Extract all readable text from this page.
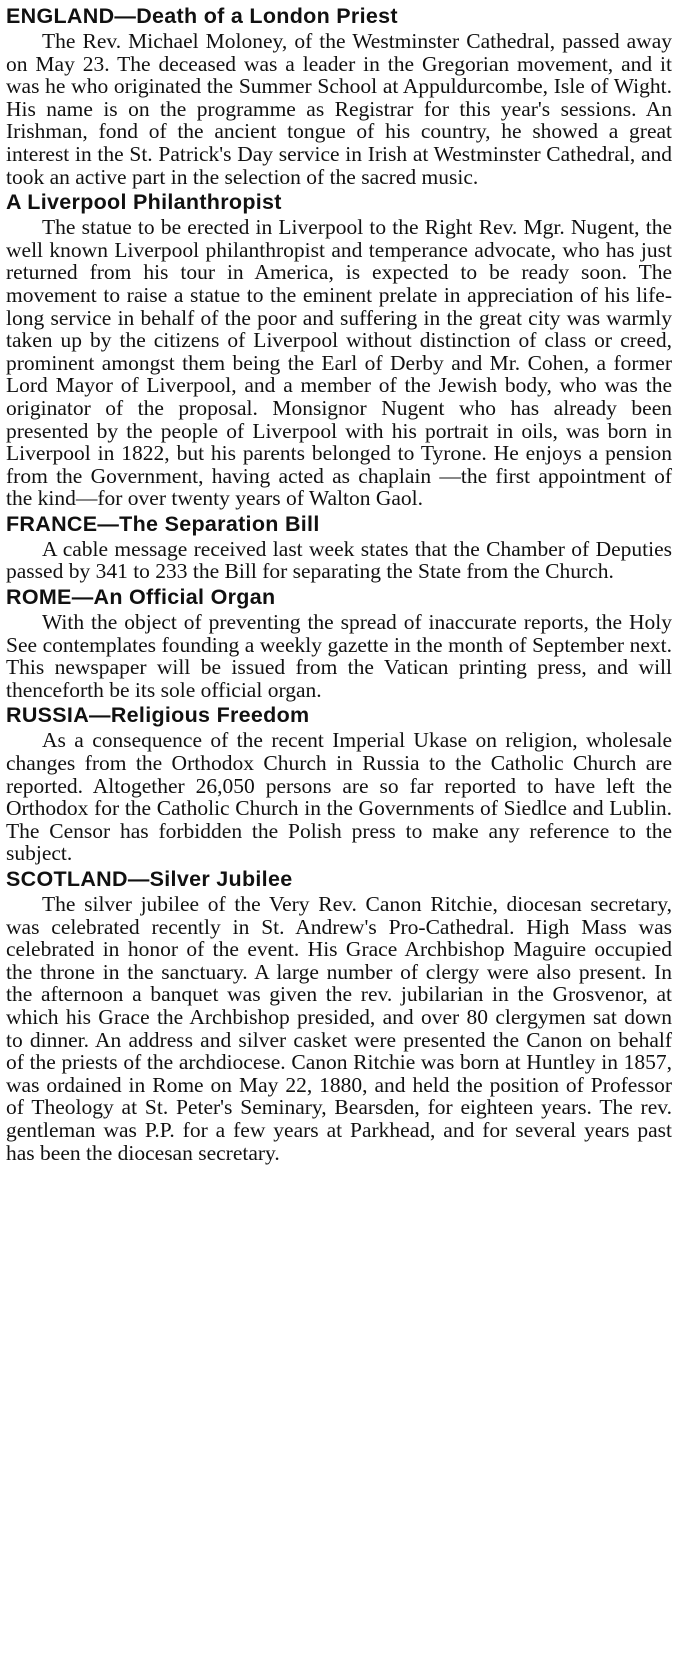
ENGLAND—Death of a London Priest

The Rev. Michael Moloney, of the Westminster Cathedral, passed away on May 23. The deceased was a leader in the Gregorian movement, and it was he who originated the Summer School at Appuldurcombe, Isle of Wight. His name is on the programme as Registrar for this year's sessions. An Irishman, fond of the ancient tongue of his country, he showed a great interest in the St. Patrick's Day service in Irish at Westminster Cathedral, and took an active part in the selection of the sacred music.

A Liverpool Philanthropist

The statue to be erected in Liverpool to the Right Rev. Mgr. Nugent, the well known Liverpool philanthropist and temperance advocate, who has just returned from his tour in America, is expected to be ready soon. The movement to raise a statue to the eminent prelate in appreciation of his life-long service in behalf of the poor and suffering in the great city was warmly taken up by the citizens of Liverpool without distinction of class or creed, prominent amongst them being the Earl of Derby and Mr. Cohen, a former Lord Mayor of Liverpool, and a member of the Jewish body, who was the originator of the proposal. Monsignor Nugent who has already been presented by the people of Liverpool with his portrait in oils, was born in Liverpool in 1822, but his parents belonged to Tyrone. He enjoys a pension from the Government, having acted as chaplain —the first appointment of the kind—for over twenty years of Walton Gaol.

FRANCE—The Separation Bill

A cable message received last week states that the Chamber of Deputies passed by 341 to 233 the Bill for separating the State from the Church.

ROME—An Official Organ

With the object of preventing the spread of inaccurate reports, the Holy See contemplates founding a weekly gazette in the month of September next. This newspaper will be issued from the Vatican printing press, and will thenceforth be its sole official organ.

RUSSIA—Religious Freedom

As a consequence of the recent Imperial Ukase on religion, wholesale changes from the Orthodox Church in Russia to the Catholic Church are reported. Altogether 26,050 persons are so far reported to have left the Orthodox for the Catholic Church in the Governments of Siedlce and Lublin. The Censor has forbidden the Polish press to make any reference to the subject.

SCOTLAND—Silver Jubilee

The silver jubilee of the Very Rev. Canon Ritchie, diocesan secretary, was celebrated recently in St. Andrew's Pro-Cathedral. High Mass was celebrated in honor of the event. His Grace Archbishop Maguire occupied the throne in the sanctuary. A large number of clergy were also present. In the afternoon a banquet was given the rev. jubilarian in the Grosvenor, at which his Grace the Archbishop presided, and over 80 clergymen sat down to dinner. An address and silver casket were presented the Canon on behalf of the priests of the archdiocese. Canon Ritchie was born at Huntley in 1857, was ordained in Rome on May 22, 1880, and held the position of Professor of Theology at St. Peter's Seminary, Bearsden, for eighteen years. The rev. gentleman was P.P. for a few years at Parkhead, and for several years past has been the diocesan secretary.
